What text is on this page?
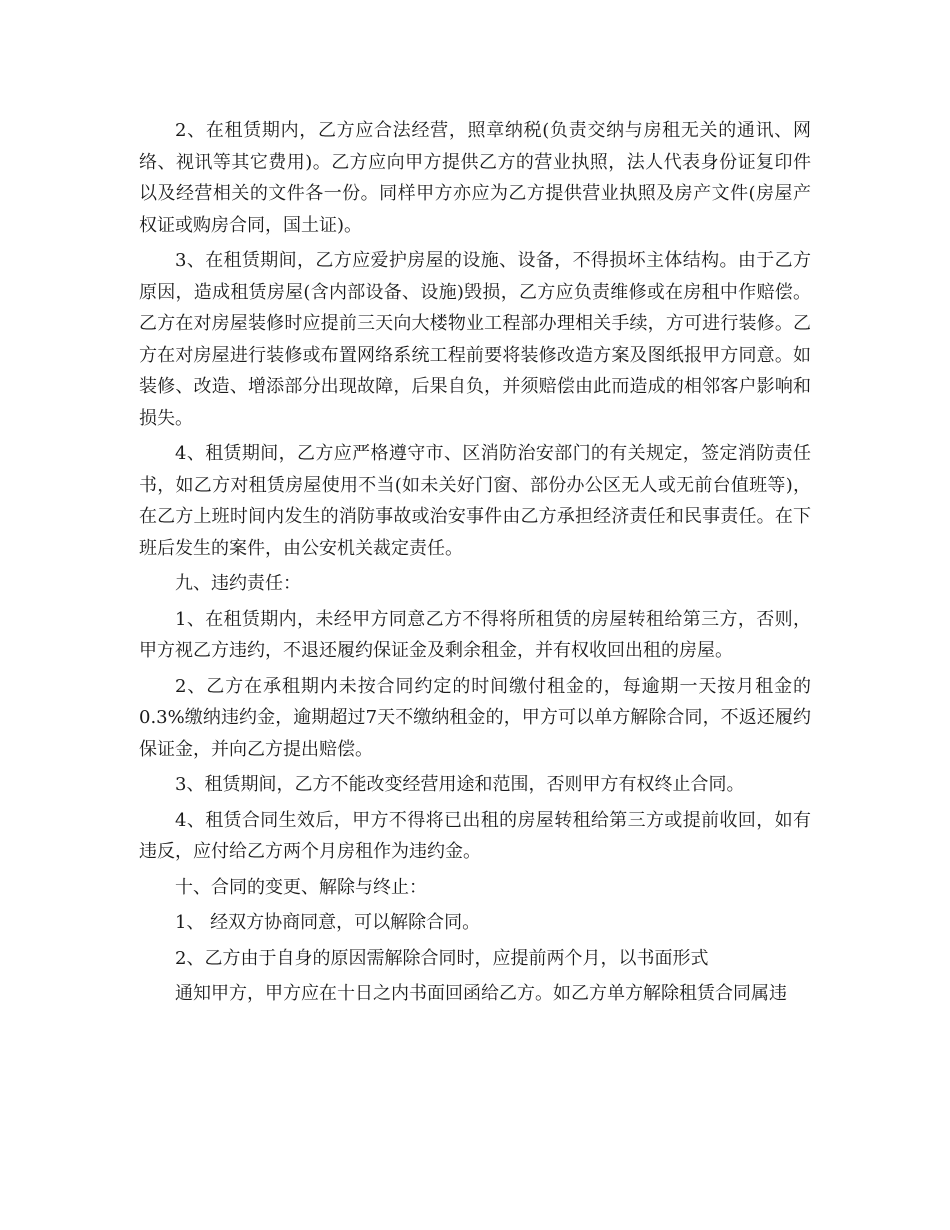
2、在租赁期内，乙方应合法经营，照章纳税(负责交纳与房租无关的通讯、网络、视讯等其它费用)。乙方应向甲方提供乙方的营业执照，法人代表身份证复印件以及经营相关的文件各一份。同样甲方亦应为乙方提供营业执照及房产文件(房屋产权证或购房合同，国土证)。

3、在租赁期间，乙方应爱护房屋的设施、设备，不得损坏主体结构。由于乙方原因，造成租赁房屋(含内部设备、设施)毁损，乙方应负责维修或在房租中作赔偿。乙方在对房屋装修时应提前三天向大楼物业工程部办理相关手续，方可进行装修。乙方在对房屋进行装修或布置网络系统工程前要将装修改造方案及图纸报甲方同意。如装修、改造、增添部分出现故障，后果自负，并须赔偿由此而造成的相邻客户影响和损失。

4、租赁期间，乙方应严格遵守市、区消防治安部门的有关规定，签定消防责任书，如乙方对租赁房屋使用不当(如未关好门窗、部份办公区无人或无前台值班等)，在乙方上班时间内发生的消防事故或治安事件由乙方承担经济责任和民事责任。在下班后发生的案件，由公安机关裁定责任。

九、违约责任：

1、在租赁期内，未经甲方同意乙方不得将所租赁的房屋转租给第三方，否则，甲方视乙方违约，不退还履约保证金及剩余租金，并有权收回出租的房屋。

2、乙方在承租期内未按合同约定的时间缴付租金的，每逾期一天按月租金的0.3%缴纳违约金，逾期超过7天不缴纳租金的，甲方可以单方解除合同，不返还履约保证金，并向乙方提出赔偿。

3、租赁期间，乙方不能改变经营用途和范围，否则甲方有权终止合同。

4、租赁合同生效后，甲方不得将已出租的房屋转租给第三方或提前收回，如有违反，应付给乙方两个月房租作为违约金。

十、合同的变更、解除与终止：

1、 经双方协商同意，可以解除合同。

2、乙方由于自身的原因需解除合同时，应提前两个月，以书面形式

通知甲方，甲方应在十日之内书面回函给乙方。如乙方单方解除租赁合同属违
